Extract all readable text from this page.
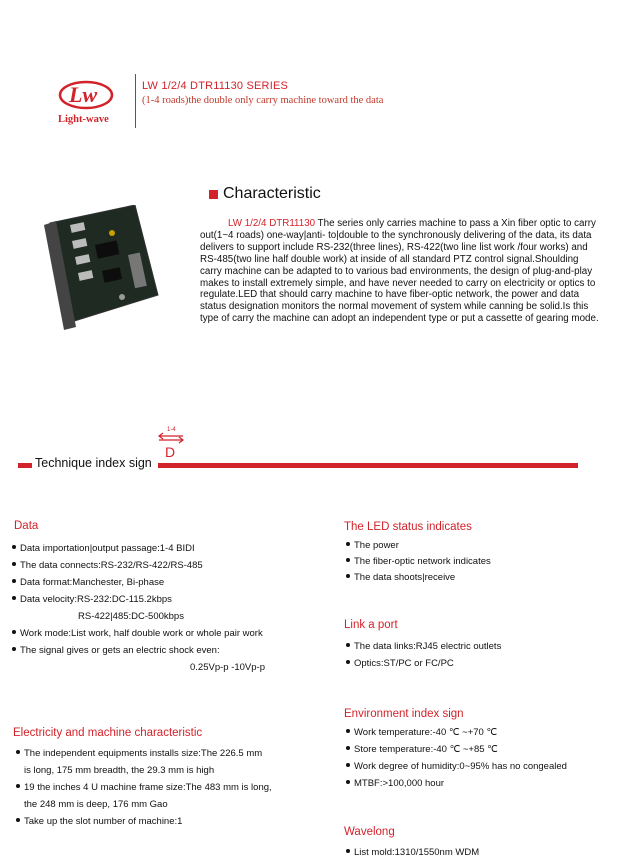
Lw
Light-wave
LW 1/2/4 DTR11130 SERIES
(1-4 roads)the double only carry machine toward the data
Characteristic
LW 1/2/4 DTR11130 The series only carries machine to pass a Xin fiber optic to carry out(1~4 roads) one-way|anti- to|double to the synchronously delivering of the data, its data delivers to support include RS-232(three lines), RS-422(two line list work /four works) and RS-485(two line half double work) at inside of all standard PTZ control signal.Shoulding carry machine can be adapted to to various bad environments, the design of plug-and-play makes to install extremely simple, and have never needed to carry on electricity or optics to regulate.LED that should carry machine to have fiber-optic network, the power and data status designation monitors the normal movement of system while canning be solid.Is this type of carry the machine can adopt an independent type or put a cassette of gearing mode.
1-4
D
Technique index sign
Data
Data importation|output passage:1-4 BIDI
The data connects:RS-232/RS-422/RS-485
Data format:Manchester, Bi-phase
Data velocity:RS-232:DC-115.2kbps
RS-422|485:DC-500kbps
Work mode:List work, half double work or whole pair work
The signal gives or gets an electric shock even:
0.25Vp-p -10Vp-p
Electricity and machine characteristic
The independent equipments installs size:The 226.5 mm
is long, 175 mm breadth, the 29.3 mm is high
19 the inches 4 U machine frame size:The 483 mm is long,
the 248 mm is deep, 176 mm Gao
Take up the slot number of machine:1
The LED status indicates
The power
The fiber-optic network indicates
The data shoots|receive
Link a port
The data links:RJ45 electric outlets
Optics:ST/PC or FC/PC
Environment index sign
Work temperature:-40 ℃ ~+70 ℃
Store temperature:-40 ℃ ~+85 ℃
Work degree of humidity:0~95% has no congealed
MTBF:>100,000 hour
Wavelong
List mold:1310/1550nm WDM
